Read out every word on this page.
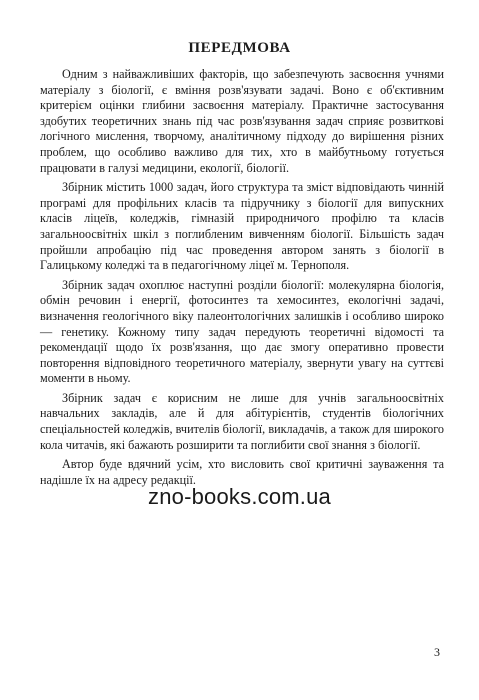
ПЕРЕДМОВА

Одним з найважливіших факторів, що забезпечують засвоєння учнями матеріалу з біології, є вміння розв'язувати задачі. Воно є об'єктивним критерієм оцінки глибини засвоєння матеріалу. Практичне застосування здобутих теоретичних знань під час розв'язування задач сприяє розвиткові логічного мислення, творчому, аналітичному підходу до вирішення різних проблем, що особливо важливо для тих, хто в майбутньому готується працювати в галузі медицини, екології, біології.

Збірник містить 1000 задач, його структура та зміст відповідають чинній програмі для профільних класів та підручнику з біології для випускних класів ліцеїв, коледжів, гімназій природничого профілю та класів загальноосвітніх шкіл з поглибленим вивченням біології. Більшість задач пройшли апробацію під час проведення автором занять з біології в Галицькому коледжі та в педагогічному ліцеї м. Тернополя.

Збірник задач охоплює наступні розділи біології: молекулярна біологія, обмін речовин і енергії, фотосинтез та хемосинтез, екологічні задачі, визначення геологічного віку палеонтологічних залишків і особливо широко — генетику. Кожному типу задач передують теоретичні відомості та рекомендації щодо їх розв'язання, що дає змогу оперативно провести повторення відповідного теоретичного матеріалу, звернути увагу на суттєві моменти в ньому.

Збірник задач є корисним не лише для учнів загальноосвітніх навчальних закладів, але й для абітурієнтів, студентів біологічних спеціальностей коледжів, вчителів біології, викладачів, а також для широкого кола читачів, які бажають розширити та поглибити свої знання з біології.

Автор буде вдячний усім, хто висловить свої критичні зауваження та надішле їх на адресу редакції.

zno-books.com.ua
3
